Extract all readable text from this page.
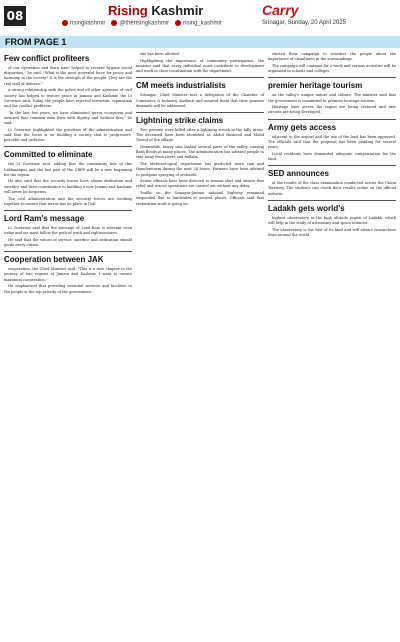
08	Rising Kashmir
risingkashmir	@therisingkashmir	rising_kashmir
Carry
Srinagar, Sunday, 20 April 2025
FROM PAGE 1
Few conflict profiteers

of our Operation and Burn have helped to reverse bygone social disparities," he said. "What is the most powerful force for peace and harmony in the society? It is the strength of the people. They are the real wall of defence."

A strong relationship with the police and all other agencies of civil society has helped to restore peace in Jammu and Kashmir, the Lt Governor said. Today, the people have rejected terrorism, separatism and the conflict profiteers.

"In the last few years, we have eliminated terror ecosystem and ensured that common man lives with dignity and without fear," he said.

Lt Governor highlighted the priorities of the administration and said that the focus is on building a society that is progressive, peaceful and inclusive.

Committed to eliminate

the Lt Governor said, adding that the community hub of this Lakhmanpur and the last part of the CRPF will be a new beginning for the region.

He also said that the security forces have shown dedication and sacrifice and their contribution to building a new Jammu and Kashmir will never be forgotten.

The civil administration and the security forces are working together to ensure that terror has no place in J&K.

Lord Ram's message

Lt Governor said that the message of Lord Ram is relevant even today and we must follow the path of truth and righteousness.

He said that the values of service, sacrifice and dedication should guide every citizen.

Cooperation between JAK

cooperation, the Chief Minister said. "This is a new chapter in the journey of two regions of Jammu and Kashmir. I want to ensure maximum cooperation."

He emphasised that providing essential services and facilities to the people is the top priority of the government.

she has been allotted.

Highlighting the importance of community participation, the minister said that every individual must contribute to development and work in close coordination with the department.

CM meets industrialists

Srinagar: Chief Minister met a delegation of the Chamber of Commerce & Industry, Kashmir and assured them that their genuine demands will be addressed.

Lightning strike claims

Two persons were killed after a lightning struck in the hilly areas. The deceased have been identified as Abdul Rasheed and Mohd Yousuf of the village.

Meanwhile, heavy rain lashed several parts of the valley, causing flash floods at many places. The administration has advised people to stay away from rivers and nallahs.

The Meteorological department has predicted more rain and thunderstorm during the next 24 hours. Farmers have been advised to postpone spraying of orchards.

Senior officials have been directed to remain alert and ensure that relief and rescue operations are carried out without any delay.

Traffic on the Srinagar-Jammu national highway remained suspended due to landslides at several places. Officials said that restoration work is going on.

started their campaign to sensitise the people about the importance of cleanliness in the surroundings.

The campaign will continue for a week and various activities will be organised in schools and colleges.

premier heritage tourism

on the valley's unique nature and culture. The minister said that the government is committed to promote heritage tourism.

Heritage sites across the region are being restored and new circuits are being developed.

Army gets access

adjacent to the airport and the use of the land has been approved. The officials said that the proposal has been pending for several years.

Local residents have demanded adequate compensation for the land.

SED announces

of the results of the class examination conducted across the Union Territory. The students can check their results online on the official website.

Ladakh gets world's

highest observatory in the high altitude region of Ladakh, which will help in the study of astronomy and space sciences.

The observatory is the first of its kind and will attract researchers from around the world.
